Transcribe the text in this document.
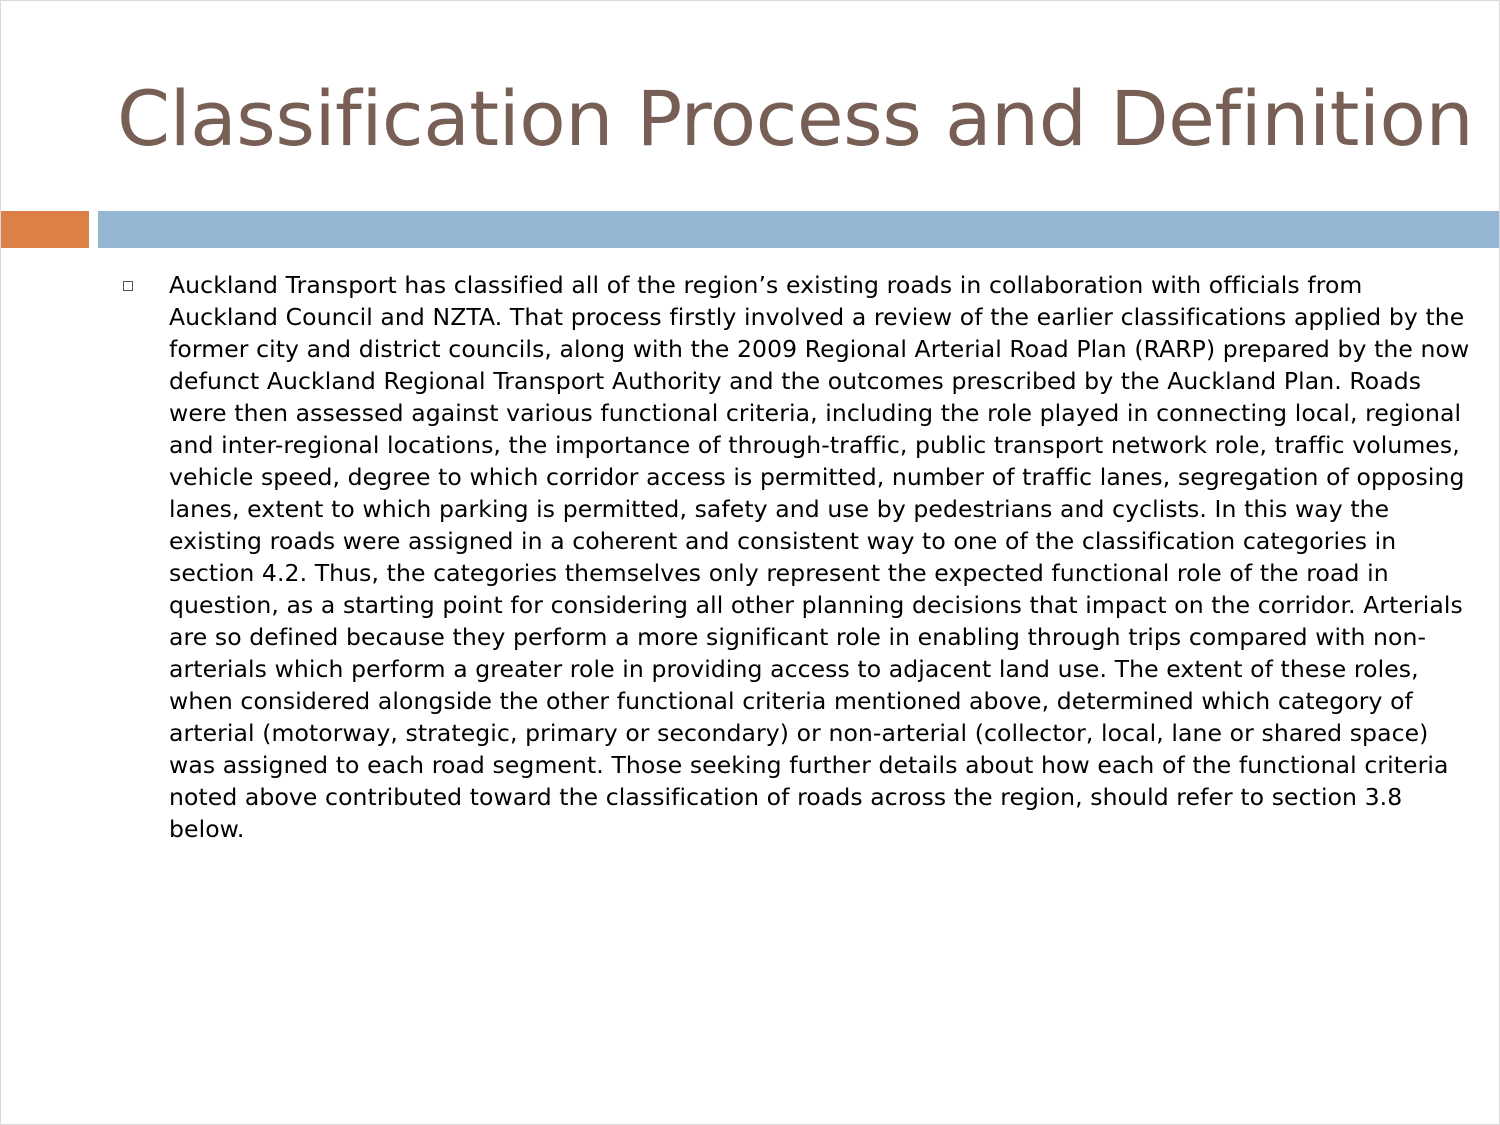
Classification Process and Definition

Auckland Transport has classified all of the region’s existing roads in collaboration with officials from Auckland Council and NZTA. That process firstly involved a review of the earlier classifications applied by the former city and district councils, along with the 2009 Regional Arterial Road Plan (RARP) prepared by the now defunct Auckland Regional Transport Authority and the outcomes prescribed by the Auckland Plan. Roads were then assessed against various functional criteria, including the role played in connecting local, regional and inter-regional locations, the importance of through-traffic, public transport network role, traffic volumes, vehicle speed, degree to which corridor access is permitted, number of traffic lanes, segregation of opposing lanes, extent to which parking is permitted, safety and use by pedestrians and cyclists. In this way the existing roads were assigned in a coherent and consistent way to one of the classification categories in section 4.2. Thus, the categories themselves only represent the expected functional role of the road in question, as a starting point for considering all other planning decisions that impact on the corridor. Arterials are so defined because they perform a more significant role in enabling through trips compared with non-arterials which perform a greater role in providing access to adjacent land use. The extent of these roles, when considered alongside the other functional criteria mentioned above, determined which category of arterial (motorway, strategic, primary or secondary) or non-arterial (collector, local, lane or shared space) was assigned to each road segment. Those seeking further details about how each of the functional criteria noted above contributed toward the classification of roads across the region, should refer to section 3.8 below.
